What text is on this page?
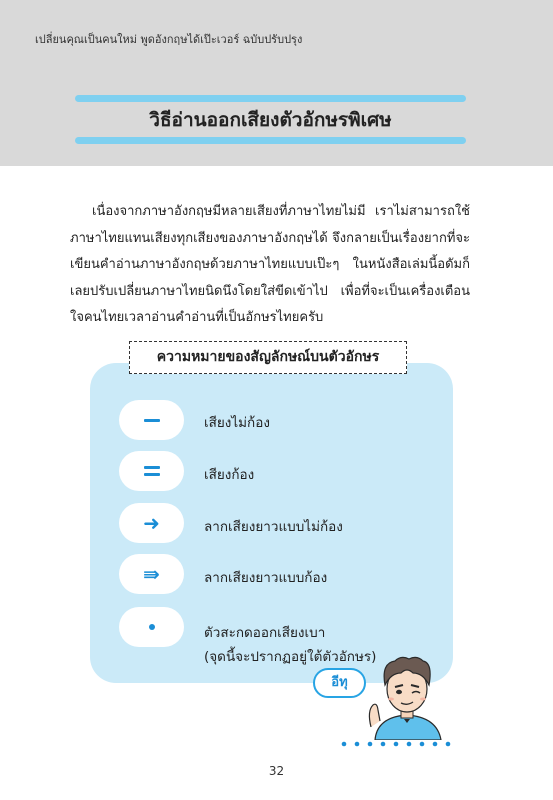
เปลี่ยนคุณเป็นคนใหม่ พูดอังกฤษได้เป๊ะเวอร์ ฉบับปรับปรุง
วิธีอ่านออกเสียงตัวอักษรพิเศษ

เนื่องจากภาษาอังกฤษมีหลายเสียงที่ภาษาไทยไม่มี เราไม่สามารถใช้ภาษาไทยแทนเสียงทุกเสียงของภาษาอังกฤษได้ จึงกลายเป็นเรื่องยากที่จะเขียนคำอ่านภาษาอังกฤษด้วยภาษาไทยแบบเป๊ะๆ ในหนังสือเล่มนี้อดัมก็เลยปรับเปลี่ยนภาษาไทยนิดนึงโดยใส่ขีดเข้าไป เพื่อที่จะเป็นเครื่องเตือนใจคนไทยเวลาอ่านคำอ่านที่เป็นอักษรไทยครับ

ความหมายของสัญลักษณ์บนตัวอักษร
เสียงไม่ก้อง
เสียงก้อง
➜	ลากเสียงยาวแบบไม่ก้อง
⇛	ลากเสียงยาวแบบก้อง
ตัวสะกดออกเสียงเบา
(จุดนี้จะปรากฏอยู่ใต้ตัวอักษร)
อีทุ
32
